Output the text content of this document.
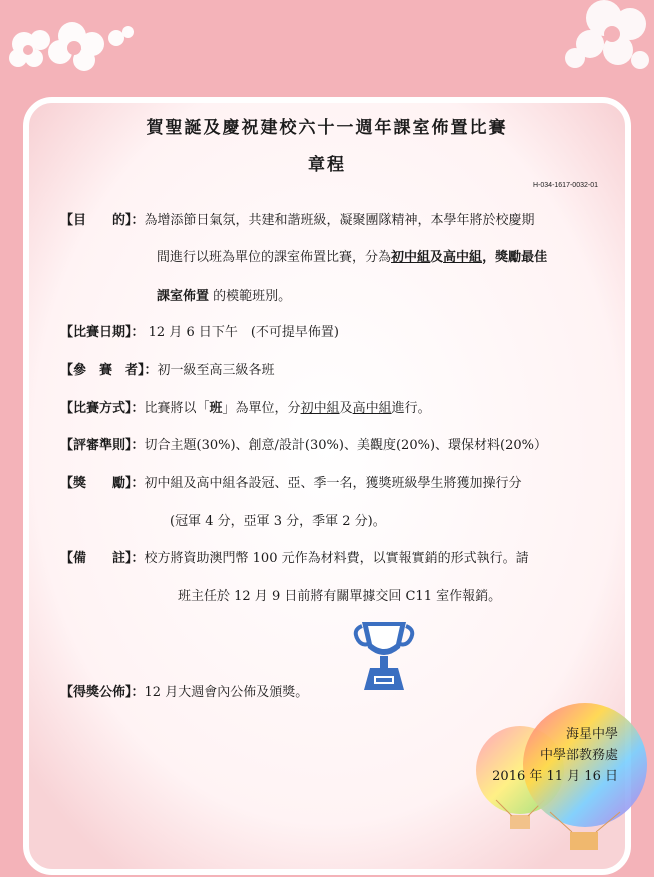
賀聖誕及慶祝建校六十一週年課室佈置比賽
章程
H-034-1617-0032-01
【目　　的】：為增添節日氣氛，共建和諧班級，凝聚團隊精神，本學年將於校慶期
間進行以班為單位的課室佈置比賽，分為初中組及高中組，獎勵最佳
課室佈置 的模範班別。
【比賽日期】： 12 月 6 日下午　(不可提早佈置)
【參　賽　者】：初一級至高三級各班
【比賽方式】：比賽將以「班」為單位，分初中組及高中組進行。
【評審準則】：切合主題(30%)、創意/設計(30%)、美觀度(20%)、環保材料(20%）
【獎　　勵】：初中組及高中組各設冠、亞、季一名，獲獎班級學生將獲加操行分
(冠軍 4 分，亞軍 3 分，季軍 2 分)。
【備　　註】：校方將資助澳門幣 100 元作為材料費，以實報實銷的形式執行。請
班主任於 12 月 9 日前將有關單據交回 C11 室作報銷。
【得獎公佈】：12 月大週會內公佈及頒獎。
海星中學
中學部教務處
2016 年 11 月 16 日
